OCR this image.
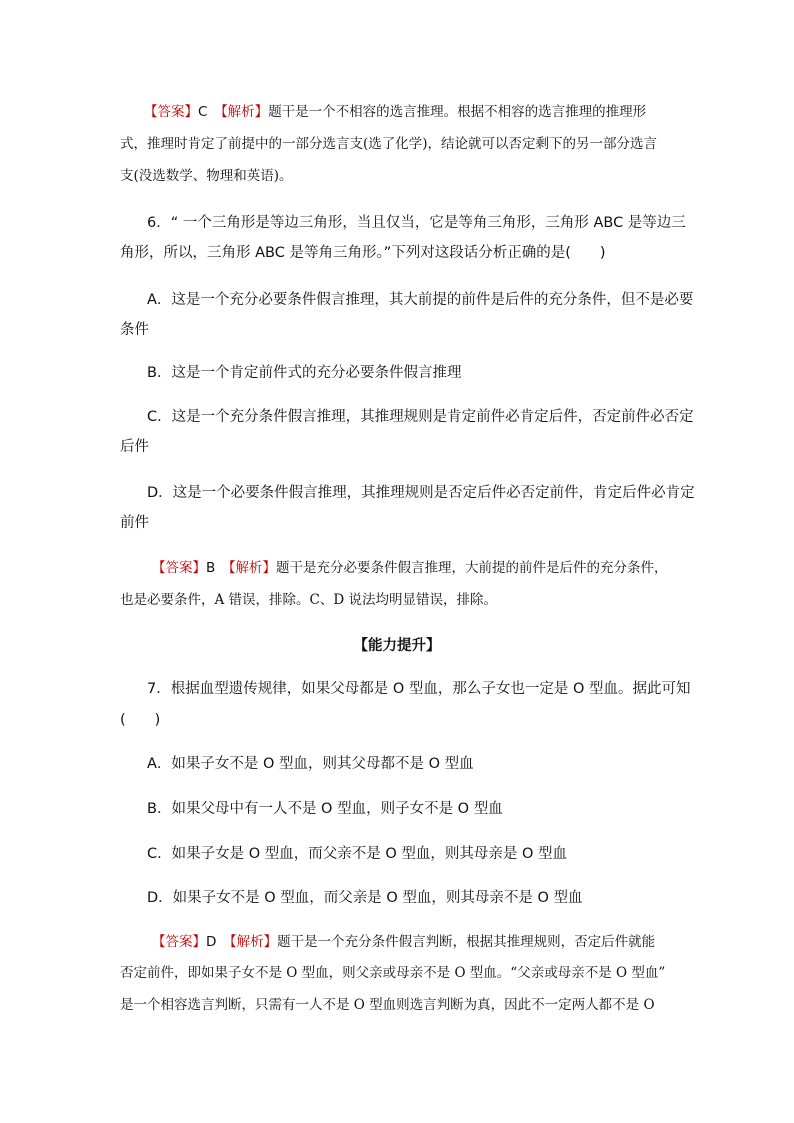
【答案】C　 【解析】题干是一个不相容的选言推理。根据不相容的选言推理的推理形
式，推理时肯定了前提中的一部分选言支(选了化学)，结论就可以否定剩下的另一部分选言
支(没选数学、物理和英语)。
6．“ 一个三角形是等边三角形，当且仅当，它是等角三角形，三角形 ABC 是等边三
角形，所以，三角形 ABC 是等角三角形。”下列对这段话分析正确的是(　　)
A．这是一个充分必要条件假言推理，其大前提的前件是后件的充分条件，但不是必要
条件
B．这是一个肯定前件式的充分必要条件假言推理
C．这是一个充分条件假言推理，其推理规则是肯定前件必肯定后件，否定前件必否定
后件
D．这是一个必要条件假言推理，其推理规则是否定后件必否定前件，肯定后件必肯定
前件
【答案】B　 【解析】题干是充分必要条件假言推理，大前提的前件是后件的充分条件，
也是必要条件，A 错误，排除。C、D 说法均明显错误，排除。
7．根据血型遗传规律，如果父母都是 O 型血，那么子女也一定是 O 型血。据此可知
(　　)
A．如果子女不是 O 型血，则其父母都不是 O 型血
B．如果父母中有一人不是 O 型血，则子女不是 O 型血
C．如果子女是 O 型血，而父亲不是 O 型血，则其母亲是 O 型血
D．如果子女不是 O 型血，而父亲是 O 型血，则其母亲不是 O 型血
【答案】D　 【解析】题干是一个充分条件假言判断，根据其推理规则，否定后件就能
否定前件，即如果子女不是 O 型血，则父亲或母亲不是 O 型血。“父亲或母亲不是 O 型血”
是一个相容选言判断，只需有一人不是 O 型血则选言判断为真，因此不一定两人都不是 O
【能力提升】
